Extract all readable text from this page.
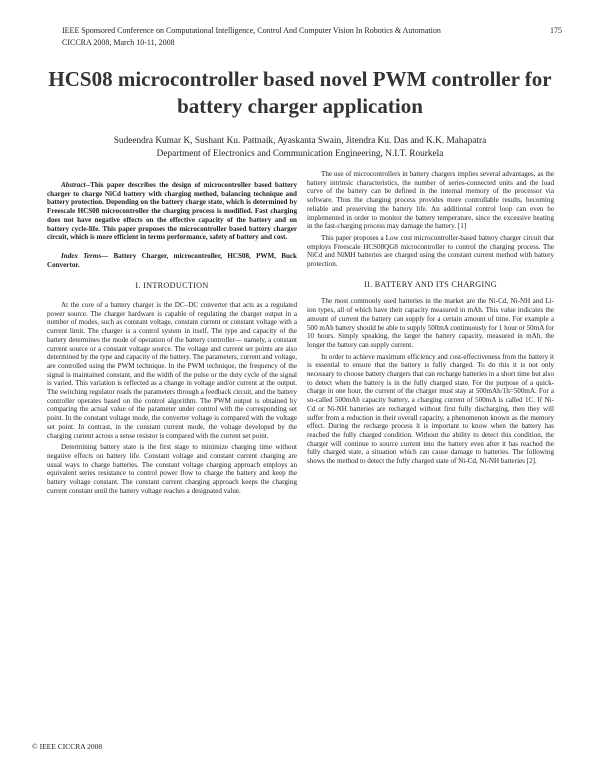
IEEE Sponsored Conference on Computational Intelligence, Control And Computer Vision In Robotics & Automation	175
CICCRA 2008, March 10-11, 2008
HCS08 microcontroller based novel PWM controller for battery charger application
Sudeendra Kumar K, Sushant Ku. Pattnaik, Ayaskanta Swain, Jitendra Ku. Das and K.K. Mahapatra
Department of Electronics and Communication Engineering, N.I.T. Rourkela

Abstract--This paper describes the design of microcontroller based battery charger to charge NiCd battery with charging method, balancing technique and battery protection. Depending on the battery charge state, which is determined by Freescale HCS08 microcontroller the charging process is modified. Fast charging does not have negative effects on the effective capacity of the battery and on battery cycle-life. This paper proposes the microcontroller based battery charger circuit, which is more efficient in terms performance, safety of battery and cost.

Index Terms— Battery Charger, microcontroller, HCS08, PWM, Buck Convertor.

I. INTRODUCTION

At the core of a battery charger is the DC–DC converter that acts as a regulated power source. The charger hardware is capable of regulating the charger output in a number of modes, such as constant voltage, constant current or constant voltage with a current limit. The charger is a control system in itself. The type and capacity of the battery determines the mode of operation of the battery controller— namely, a constant current source or a constant voltage source. The voltage and current set points are also determined by the type and capacity of the battery. The parameters, current and voltage, are controlled using the PWM technique. In the PWM technique, the frequency of the signal is maintained constant, and the width of the pulse or the duty cycle of the signal is varied. This variation is reflected as a change in voltage and/or current at the output. The switching regulator reads the parameters through a feedback circuit, and the battery controller operates based on the control algorithm. The PWM output is obtained by comparing the actual value of the parameter under control with the corresponding set point. In the constant voltage mode, the converter voltage is compared with the voltage set point. In contrast, in the constant current mode, the voltage developed by the charging current across a sense resistor is compared with the current set point.

Determining battery state is the first stage to minimize charging time without negative effects on battery life. Constant voltage and constant current charging are usual ways to charge batteries. The constant voltage charging approach employs an equivalent series resistance to control power flow to charge the battery and keep the battery voltage constant. The constant current charging approach keeps the charging current constant until the battery voltage reaches a designated value.

The use of microcontrollers in battery chargers implies several advantages, as the battery intrinsic characteristics, the number of series-connected units and the load curve of the battery can be defined in the internal memory of the processor via software. Thus the charging process provides more controllable results, becoming reliable and preserving the battery life. An additional control loop can even be implemented in order to monitor the battery temperature, since the excessive heating in the fast-charging process may damage the battery. [1]

This paper proposes a Low cost microcontroller-based battery charger circuit that employs Freescale HCS08QG8 microcontroller to control the charging process. The NiCd and NiMH batteries are charged using the constant current method with battery protection.

II. BATTERY AND ITS CHARGING

The most commonly used batteries in the market are the Ni-Cd, Ni-NH and Li-ion types, all of which have their capacity measured in mAh. This value indicates the amount of current the battery can supply for a certain amount of time. For example a 500 mAh battery should be able to supply 500mA continuously for 1 hour or 50mA for 10 hours. Simply speaking, the larger the battery capacity, measured in mAh, the longer the battery can supply current.

In order to achieve maximum efficiency and cost-effectiveness from the battery it is essential to ensure that the battery is fully charged. To do this it is not only necessary to choose battery chargers that can recharge batteries in a short time but also to detect when the battery is in the fully charged state. For the purpose of a quick-charge in one hour, the current of the charger must stay at 500mAh/1h=500mA. For a so-called 500mAh capacity battery, a charging current of 500mA is called 1C. If Ni-Cd or Ni-NH batteries are recharged without first fully discharging, then they will suffer from a reduction in their overall capacity, a phenomenon known as the memory effect. During the recharge process it is important to know when the battery has reached the fully charged condition. Without the ability to detect this condition, the charger will continue to source current into the battery even after it has reached the fully charged state, a situation which can cause damage to batteries. The following shows the method to detect the fully charged state of Ni-Cd, Ni-NH batteries [2].

© IEEE CICCRA 2008
